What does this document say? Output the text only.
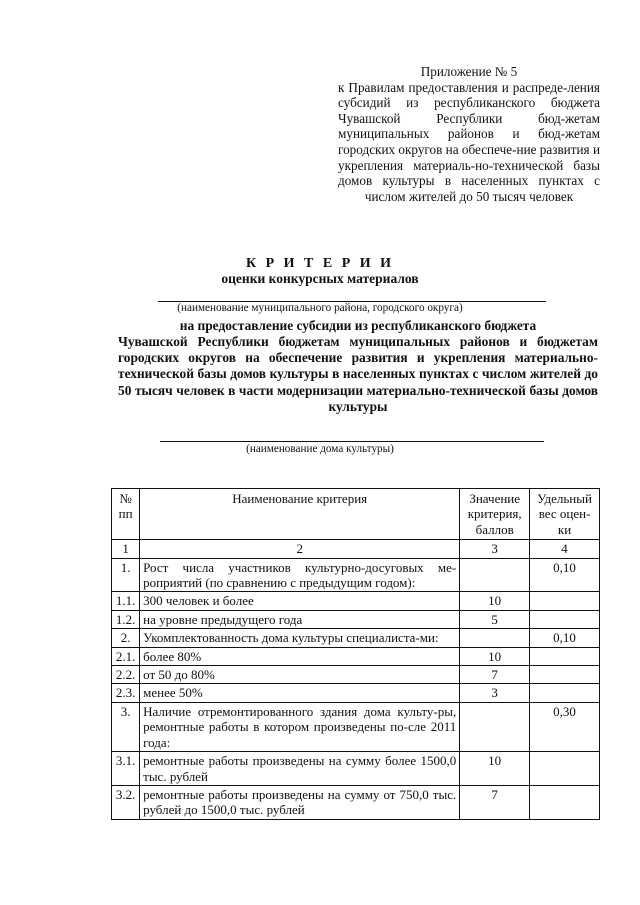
Приложение № 5
к Правилам предоставления и распреде-ления субсидий из республиканского бюджета Чувашской Республики бюд-жетам муниципальных районов и бюд-жетам городских округов на обеспече-ние развития и укрепления материаль-но-технической базы домов культуры в населенных пунктах с числом жителей до 50 тысяч человек
К Р И Т Е Р И И
оценки конкурсных материалов
(наименование муниципального района, городского округа)
на предоставление субсидии из республиканского бюджета
Чувашской Республики бюджетам муниципальных районов и бюджетам городских округов на обеспечение развития и укрепления материально-технической базы домов культуры в населенных пунктах с числом жителей до 50 тысяч человек в части модернизации материально-технической базы домов культуры
(наименование дома культуры)
№ пп	Наименование критерия	Значение критерия, баллов	Удельный вес оцен-ки
1	2	3	4
1.	Рост числа участников культурно-досуговых ме-роприятий (по сравнению с предыдущим годом):		0,10
1.1.	300 человек и более	10	
1.2.	на уровне предыдущего года	5	
2.	Укомплектованность дома культуры специалиста-ми:		0,10
2.1.	более 80%	10	
2.2.	от 50 до 80%	7	
2.3.	менее 50%	3	
3.	Наличие отремонтированного здания дома культу-ры, ремонтные работы в котором произведены по-сле 2011 года:		0,30
3.1.	ремонтные работы произведены на сумму более 1500,0 тыс. рублей	10	
3.2.	ремонтные работы произведены на сумму от 750,0 тыс. рублей до 1500,0 тыс. рублей	7	
